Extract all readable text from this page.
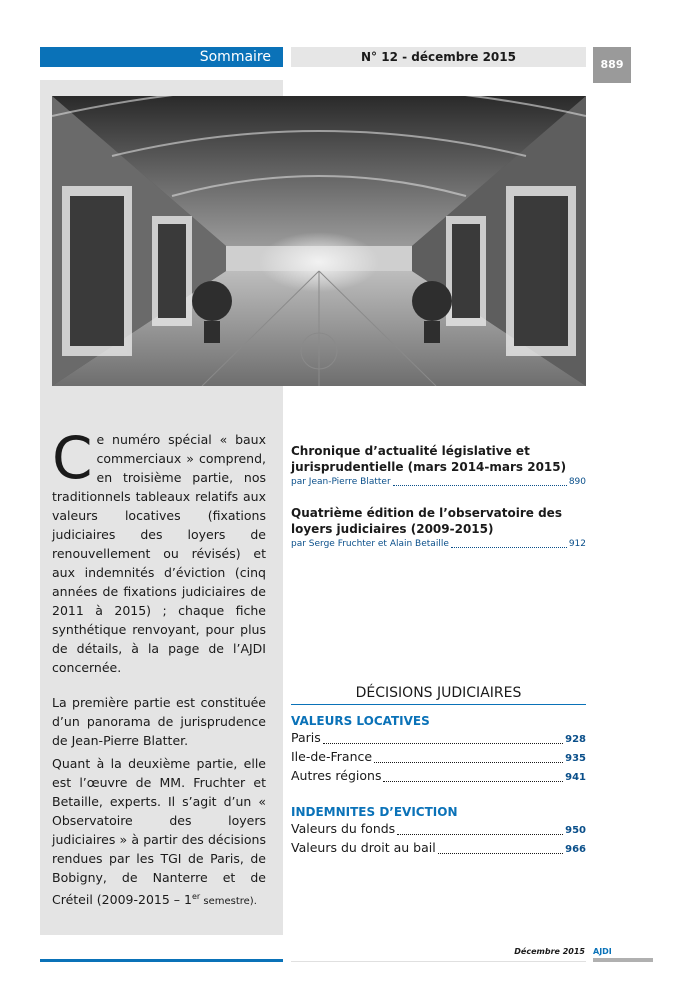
Sommaire	N° 12 - décembre 2015
889

Ce numéro spécial « baux commerciaux » comprend, en troisième partie, nos traditionnels tableaux relatifs aux valeurs locatives (fixations judiciaires des loyers de renouvellement ou révisés) et aux indemnités d’éviction (cinq années de fixations judiciaires de 2011 à 2015) ; chaque fiche synthétique renvoyant, pour plus de détails, à la page de l’AJDI concernée.

La première partie est constituée d’un panorama de jurisprudence de Jean-Pierre Blatter.

Quant à la deuxième partie, elle est l’œuvre de MM. Fruchter et Betaille, experts. Il s’agit d’un « Observatoire des loyers judiciaires » à partir des décisions rendues par les TGI de Paris, de Bobigny, de Nanterre et de Créteil (2009-2015 – 1er semestre).

Chronique d’actualité législative et jurisprudentielle (mars 2014-mars 2015)
par Jean-Pierre Blatter	890
Quatrième édition de l’observatoire des loyers judiciaires (2009-2015)
par Serge Fruchter et Alain Betaille	912
DÉCISIONS JUDICIAIRES
VALEURS LOCATIVES
Paris	928
Ile-de-France	935
Autres régions	941
INDEMNITES D’EVICTION
Valeurs du fonds	950
Valeurs du droit au bail	966
Décembre 2015 AJDI
